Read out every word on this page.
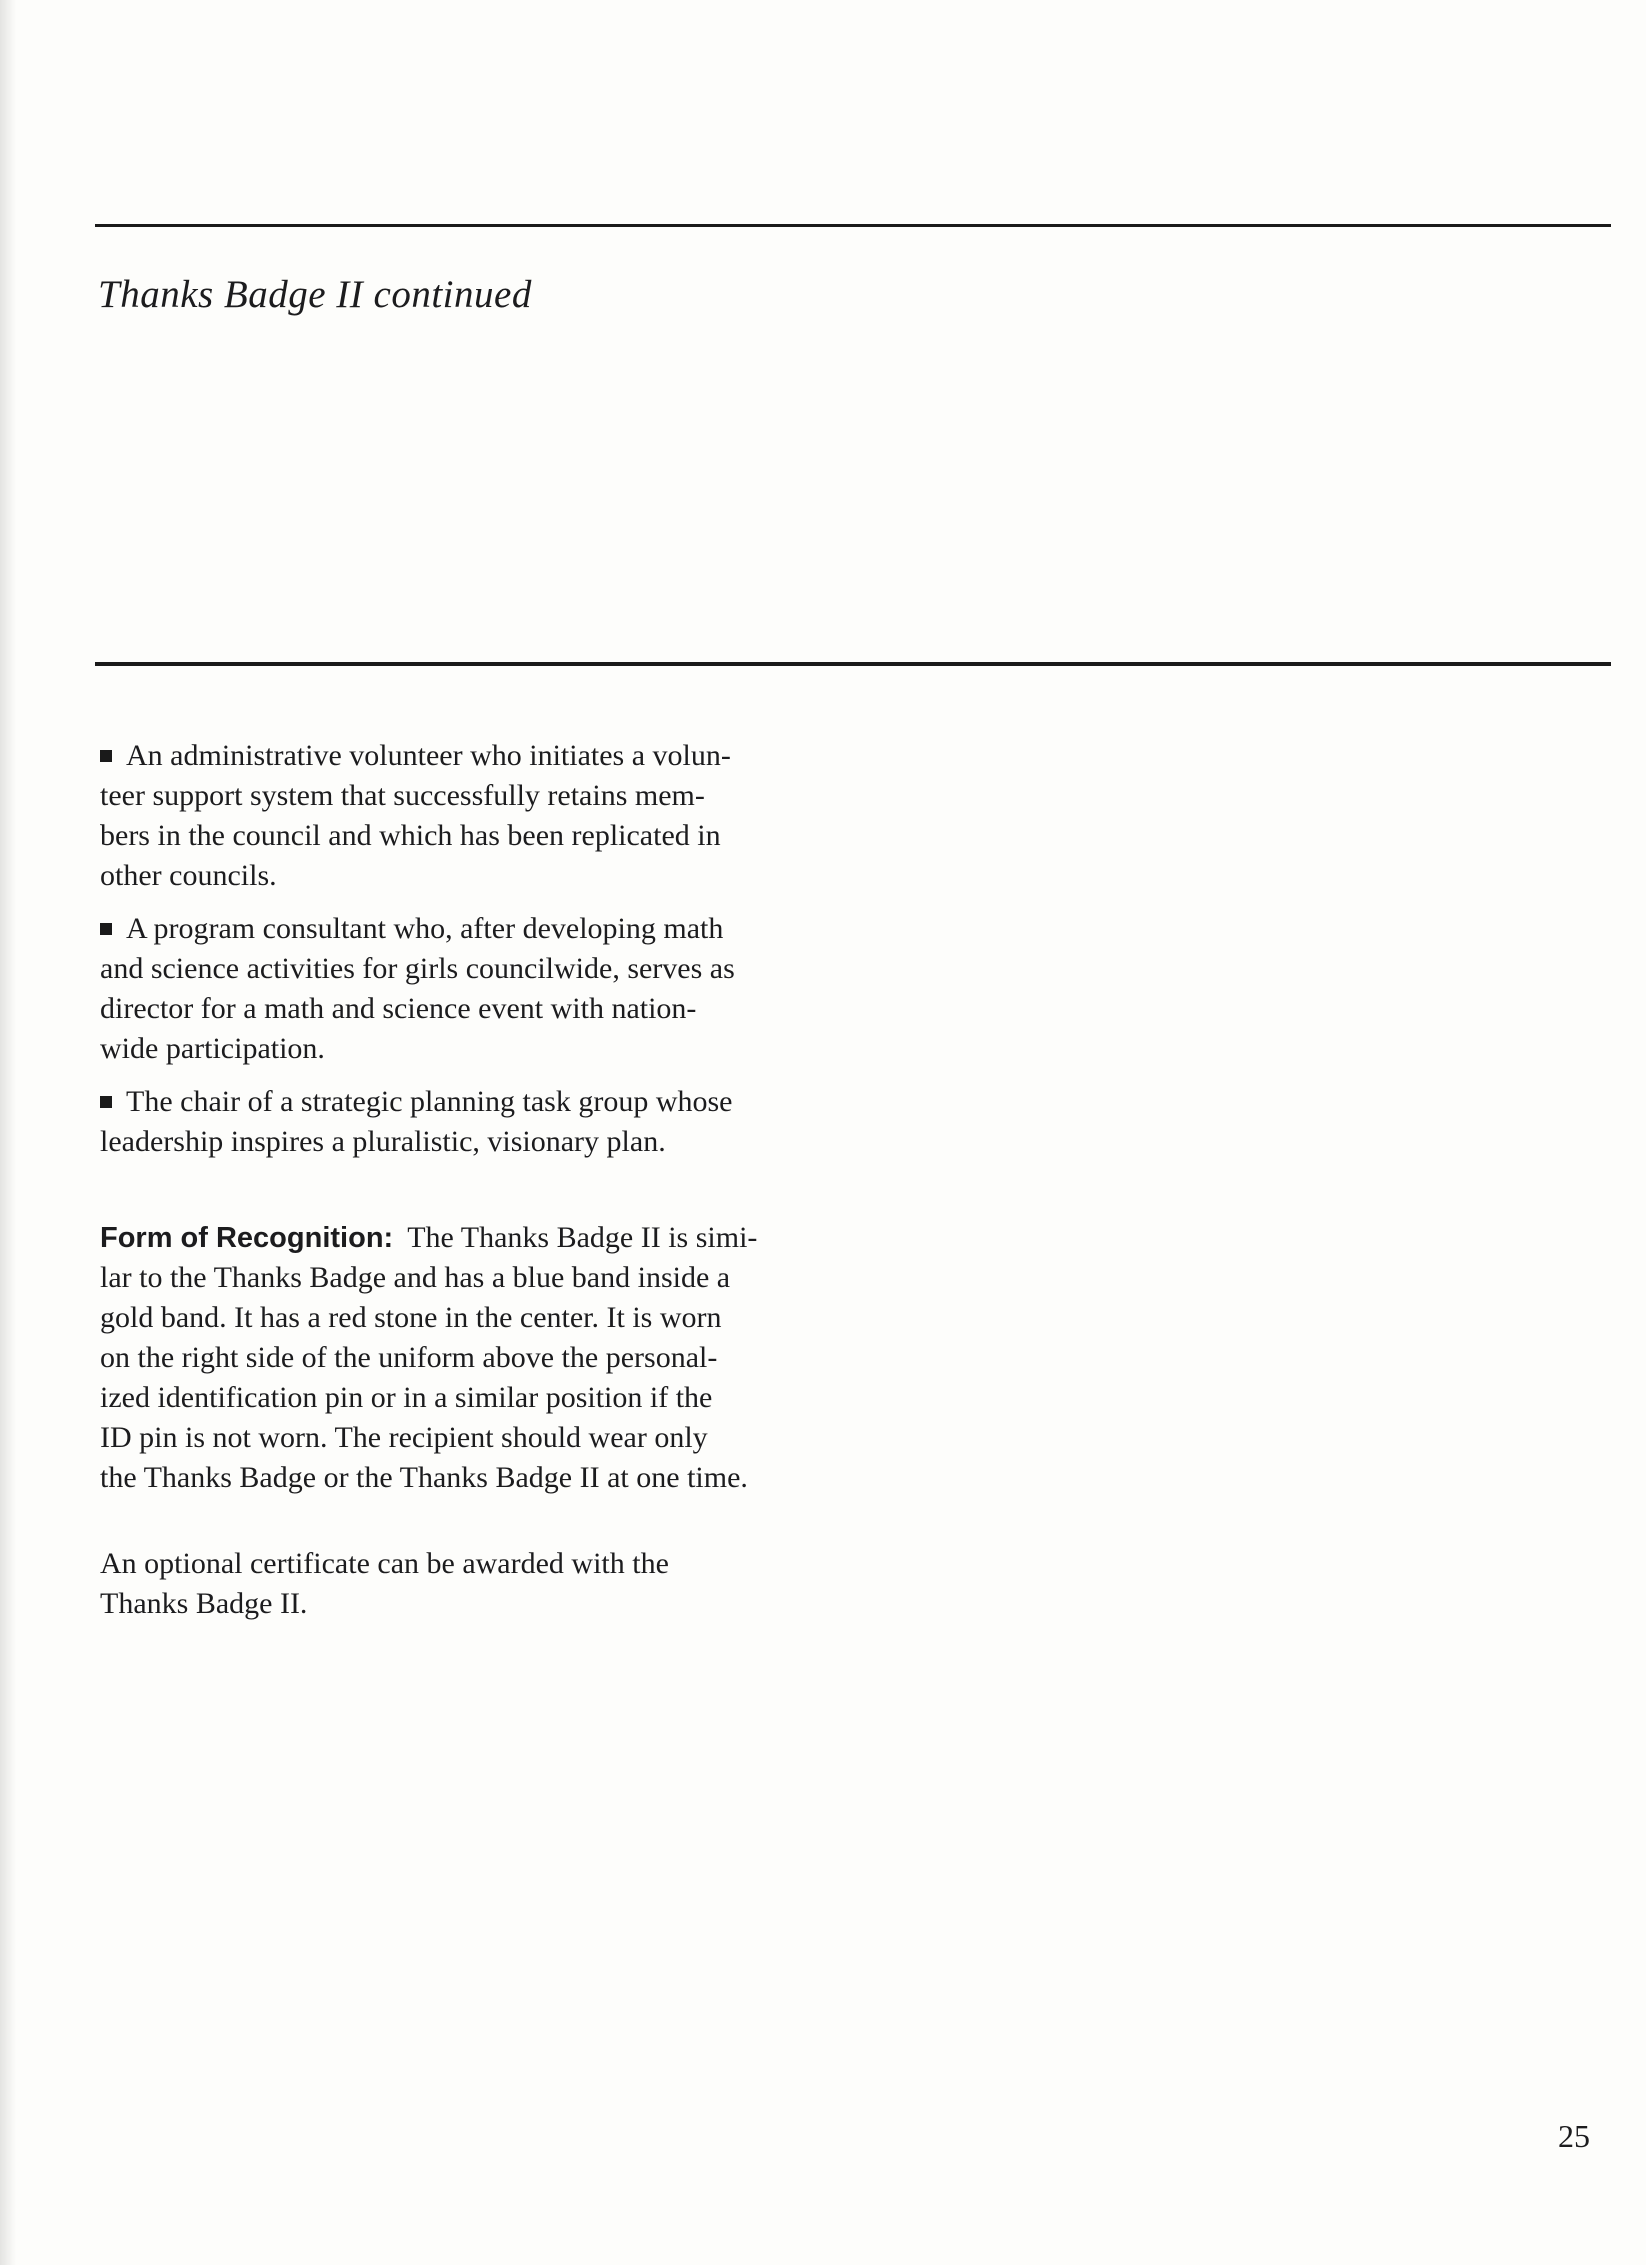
Thanks Badge II continued
An administrative volunteer who initiates a volun-
teer support system that successfully retains mem-
bers in the council and which has been replicated in
other councils.
A program consultant who, after developing math
and science activities for girls councilwide, serves as
director for a math and science event with nation-
wide participation.
The chair of a strategic planning task group whose
leadership inspires a pluralistic, visionary plan.
Form of Recognition: The Thanks Badge II is simi-
lar to the Thanks Badge and has a blue band inside a
gold band. It has a red stone in the center. It is worn
on the right side of the uniform above the personal-
ized identification pin or in a similar position if the
ID pin is not worn. The recipient should wear only
the Thanks Badge or the Thanks Badge II at one time.
An optional certificate can be awarded with the
Thanks Badge II.
25
